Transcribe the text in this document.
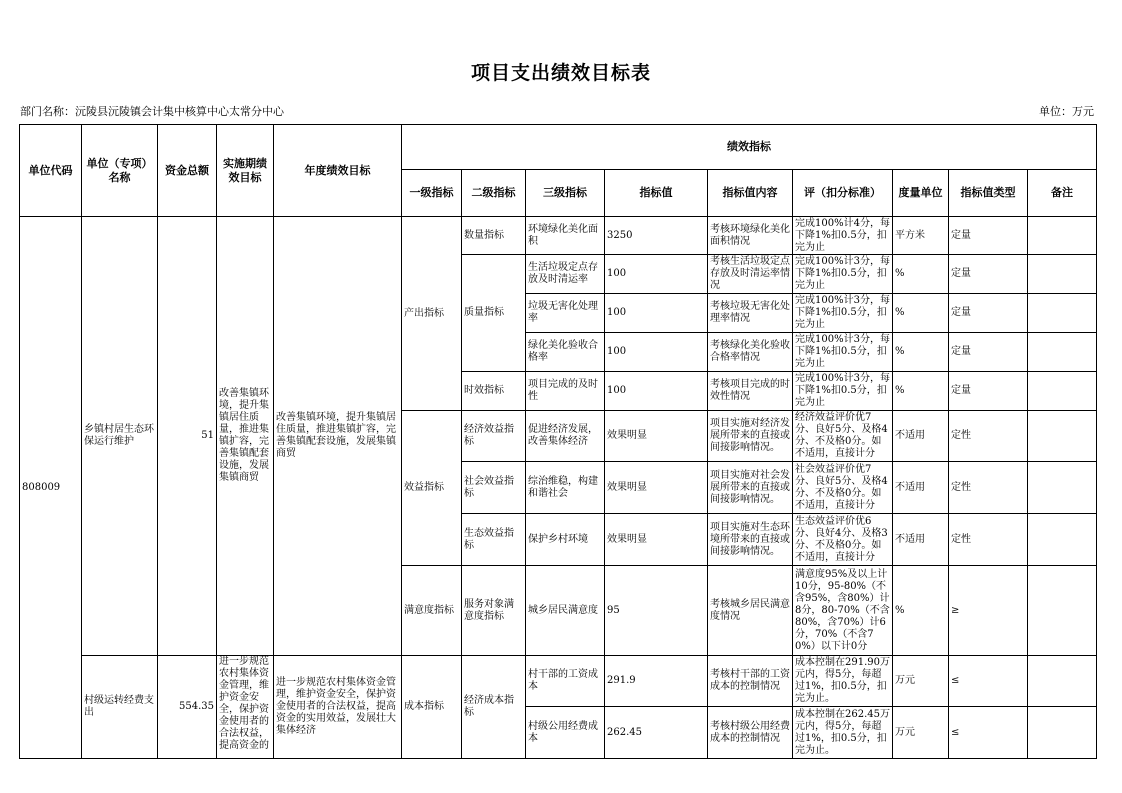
项目支出绩效目标表
部门名称：沅陵县沅陵镇会计集中核算中心太常分中心	单位：万元
单位代码	单位（专项）名称	资金总额	实施期绩效目标	年度绩效目标	绩效指标								
					一级指标	二级指标	三级指标	指标值	指标值内容	评（扣分标准）	度量单位	指标值类型	备注
808009	乡镇村居生态环保运行维护	51	改善集镇环境，提升集镇居住质量，推进集镇扩容，完善集镇配套设施，发展集镇商贸	改善集镇环境，提升集镇居住质量，推进集镇扩容，完善集镇配套设施，发展集镇商贸	产出指标	数量指标	环境绿化美化面积	3250	考核环境绿化美化面积情况	完成100%计4分，每下降1%扣0.5分，扣完为止	平方米	定量	
						质量指标	生活垃圾定点存放及时清运率	100	考核生活垃圾定点存放及时清运率情况	完成100%计3分，每下降1%扣0.5分，扣完为止	%	定量	
							垃圾无害化处理率	100	考核垃圾无害化处理率情况	完成100%计3分，每下降1%扣0.5分，扣完为止	%	定量	
							绿化美化验收合格率	100	考核绿化美化验收合格率情况	完成100%计3分，每下降1%扣0.5分，扣完为止	%	定量	
						时效指标	项目完成的及时性	100	考核项目完成的时效性情况	完成100%计3分，每下降1%扣0.5分，扣完为止	%	定量	
					效益指标	经济效益指标	促进经济发展，改善集体经济	效果明显	项目实施对经济发展所带来的直接或间接影响情况。	经济效益评价优7分、良好5分、及格4分、不及格0分。如不适用，直接计分	不适用	定性	
						社会效益指标	综治维稳，构建和谐社会	效果明显	项目实施对社会发展所带来的直接或间接影响情况。	社会效益评价优7分、良好5分、及格4分、不及格0分。如不适用，直接计分	不适用	定性	
						生态效益指标	保护乡村环境	效果明显	项目实施对生态环境所带来的直接或间接影响情况。	生态效益评价优6分、良好4分、及格3分、不及格0分。如不适用，直接计分	不适用	定性	
					满意度指标	服务对象满意度指标	城乡居民满意度	95	考核城乡居民满意度情况	满意度95%及以上计10分，95-80%（不含95%，含80%）计8分，80-70%（不含80%，含70%）计6分，70%（不含70%）以下计0分	%	≥	
	村级运转经费支出	554.35	进一步规范农村集体资金管理，维护资金安全，保护资金使用者的合法权益，提高资金的	进一步规范农村集体资金管理，维护资金安全，保护资金使用者的合法权益，提高资金的实用效益，发展壮大集体经济	成本指标	经济成本指标	村干部的工资成本	291.9	考核村干部的工资成本的控制情况	成本控制在291.90万元内，得5分，每超过1%，扣0.5分，扣完为止。	万元	≤	
							村级公用经费成本	262.45	考核村级公用经费成本的控制情况	成本控制在262.45万元内，得5分，每超过1%，扣0.5分，扣完为止。	万元	≤	
